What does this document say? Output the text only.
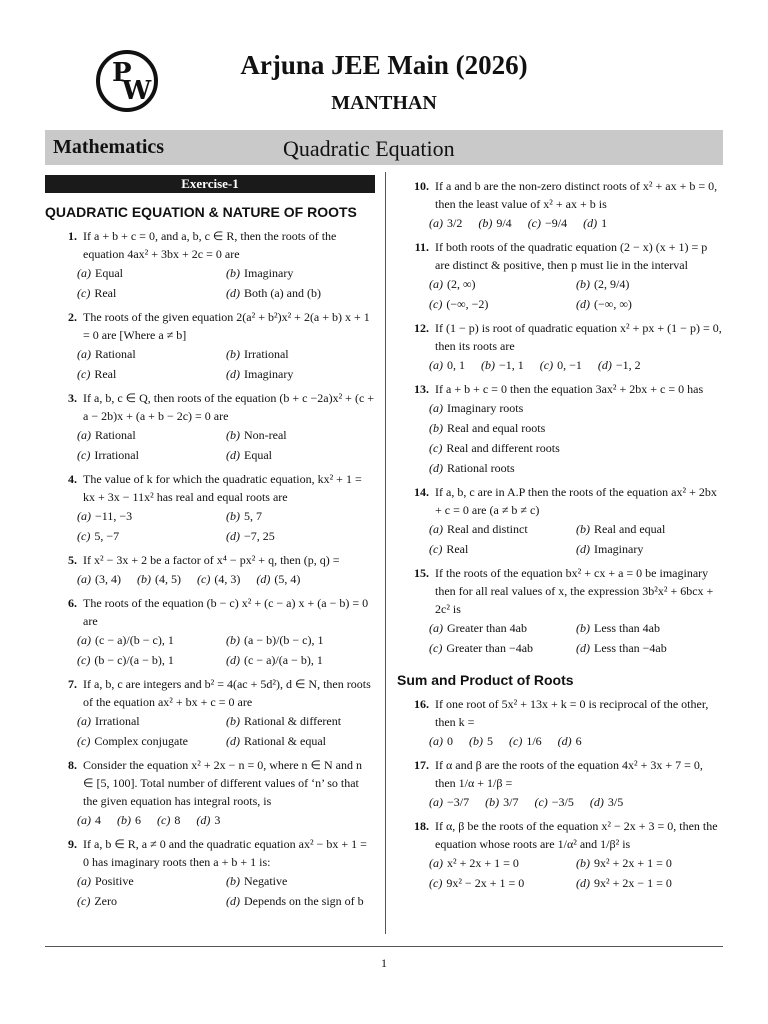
P
W
Arjuna JEE Main (2026)
MANTHAN
Mathematics	Quadratic Equation
Exercise-1
QUADRATIC EQUATION & NATURE OF ROOTS
1. If a + b + c = 0, and a, b, c ∈ R, then the roots of the equation 4ax² + 3bx + 2c = 0 are
(a) Equal	(b) Imaginary
(c) Real	(d) Both (a) and (b)
2. The roots of the given equation 2(a² + b²)x² + 2(a + b) x + 1 = 0 are [Where a ≠ b]
(a) Rational	(b) Irrational
(c) Real	(d) Imaginary
3. If a, b, c ∈ Q, then roots of the equation (b + c −2a)x² + (c + a − 2b)x + (a + b − 2c) = 0 are
(a) Rational	(b) Non-real
(c) Irrational	(d) Equal
4. The value of k for which the quadratic equation, kx² + 1 = kx + 3x − 11x² has real and equal roots are
(a) −11, −3	(b) 5, 7
(c) 5, −7	(d) −7, 25
5. If x² − 3x + 2 be a factor of x⁴ − px² + q, then (p, q) =
(a) (3, 4) (b) (4, 5) (c) (4, 3) (d) (5, 4)
6. The roots of the equation (b − c) x² + (c − a) x + (a − b) = 0 are
(a) (c − a)/(b − c), 1	(b) (a − b)/(b − c), 1
(c) (b − c)/(a − b), 1	(d) (c − a)/(a − b), 1
7. If a, b, c are integers and b² = 4(ac + 5d²), d ∈ N, then roots of the equation ax² + bx + c = 0 are
(a) Irrational	(b) Rational & different
(c) Complex conjugate	(d) Rational & equal
8. Consider the equation x² + 2x − n = 0, where n ∈ N and n ∈ [5, 100]. Total number of different values of ‘n’ so that the given equation has integral roots, is
(a) 4 (b) 6 (c) 8 (d) 3
9. If a, b ∈ R, a ≠ 0 and the quadratic equation ax² − bx + 1 = 0 has imaginary roots then a + b + 1 is:
(a) Positive	(b) Negative
(c) Zero	(d) Depends on the sign of b
10. If a and b are the non-zero distinct roots of x² + ax + b = 0, then the least value of x² + ax + b is
(a) 3/2 (b) 9/4 (c) −9/4 (d) 1
11. If both roots of the quadratic equation (2 − x) (x + 1) = p are distinct & positive, then p must lie in the interval
(a) (2, ∞)	(b) (2, 9/4)
(c) (−∞, −2)	(d) (−∞, ∞)
12. If (1 − p) is root of quadratic equation x² + px + (1 − p) = 0, then its roots are
(a) 0, 1 (b) −1, 1 (c) 0, −1 (d) −1, 2
13. If a + b + c = 0 then the equation 3ax² + 2bx + c = 0 has
(a) Imaginary roots
(b) Real and equal roots
(c) Real and different roots
(d) Rational roots
14. If a, b, c are in A.P then the roots of the equation ax² + 2bx + c = 0 are (a ≠ b ≠ c)
(a) Real and distinct	(b) Real and equal
(c) Real	(d) Imaginary
15. If the roots of the equation bx² + cx + a = 0 be imaginary then for all real values of x, the expression 3b²x² + 6bcx + 2c² is
(a) Greater than 4ab	(b) Less than 4ab
(c) Greater than −4ab	(d) Less than −4ab
Sum and Product of Roots
16. If one root of 5x² + 13x + k = 0 is reciprocal of the other, then k =
(a) 0 (b) 5 (c) 1/6 (d) 6
17. If α and β are the roots of the equation 4x² + 3x + 7 = 0, then 1/α + 1/β =
(a) −3/7 (b) 3/7 (c) −3/5 (d) 3/5
18. If α, β be the roots of the equation x² − 2x + 3 = 0, then the equation whose roots are 1/α² and 1/β² is
(a) x² + 2x + 1 = 0	(b) 9x² + 2x + 1 = 0
(c) 9x² − 2x + 1 = 0	(d) 9x² + 2x − 1 = 0
1
